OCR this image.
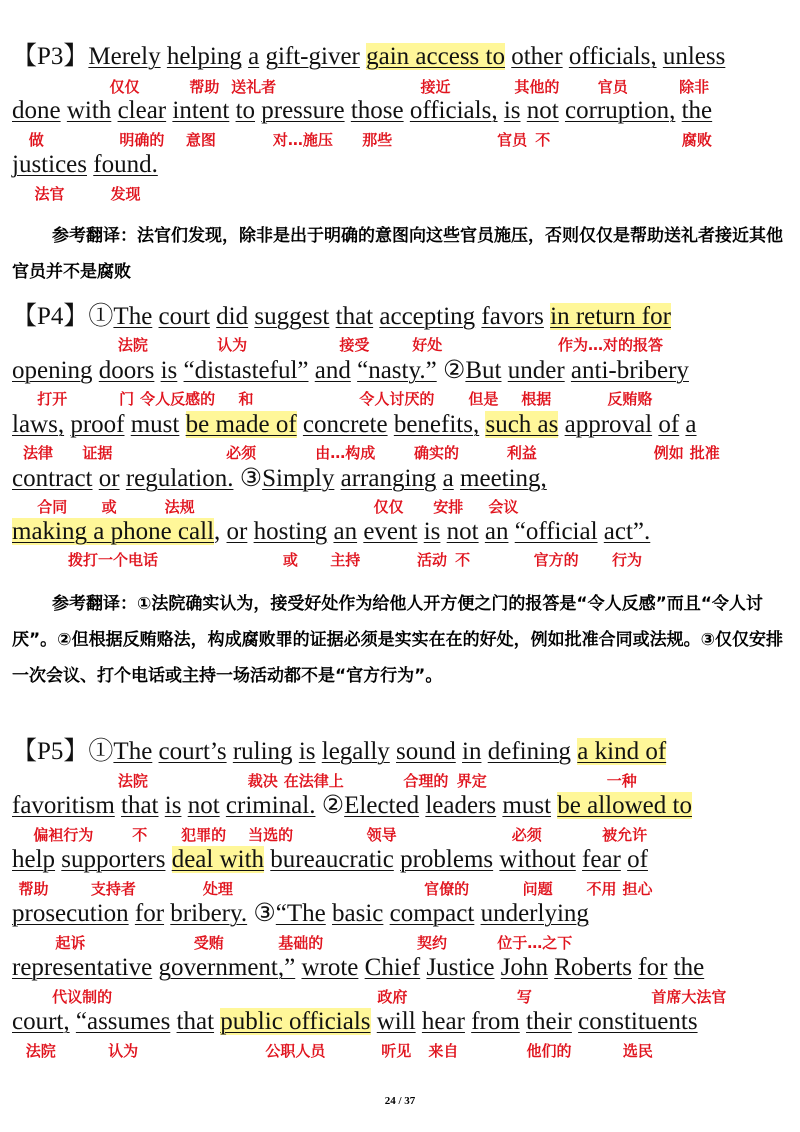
【P3】Merely helping a gift-giver gain access to other officials, unless
仅仅	帮助 送礼者	接近	其他的	官员	除非
done with clear intent to pressure those officials, is not corruption, the
做	明确的 意图	对…施压 那些	官员 不	腐败
justices found.
法官	发现
参考翻译：法官们发现，除非是出于明确的意图向这些官员施压，否则仅仅是帮助送礼者接近其他官员并不是腐败
【P4】①The court did suggest that accepting favors in return for
法院	认为	接受	好处	作为…对的报答
opening doors is “distasteful” and “nasty.” ②But under anti-bribery
打开	门 令人反感的 和	令人讨厌的 但是 根据	反贿赂
laws, proof must be made of concrete benefits, such as approval of a
法律 证据	必须	由…构成	确实的	利益	例如 批准
contract or regulation. ③Simply arranging a meeting,
合同 或	法规	仅仅 安排 会议
making a phone call, or hosting an event is not an “official act”.
拨打一个电话	或 主持	活动 不	官方的 行为
参考翻译：①法院确实认为，接受好处作为给他人开方便之门的报答是“令人反感”而且“令人讨厌”。②但根据反贿赂法，构成腐败罪的证据必须是实实在在的好处，例如批准合同或法规。③仅仅安排一次会议、打个电话或主持一场活动都不是“官方行为”。
【P5】①The court’s ruling is legally sound in defining a kind of
法院	裁决 在法律上	合理的 界定	一种
favoritism that is not criminal. ②Elected leaders must be allowed to
偏袒行为	不 犯罪的 当选的	领导	必须	被允许
help supporters deal with bureaucratic problems without fear of
帮助	支持者	处理	官僚的	问题 不用 担心
prosecution for bribery. ③“The basic compact underlying
起诉	受贿	基础的	契约	位于…之下
representative government,” wrote Chief Justice John Roberts for the
代议制的	政府	写	首席大法官
court, “assumes that public officials will hear from their constituents
法院	认为	公职人员	听见 来自	他们的	选民
24 / 37
